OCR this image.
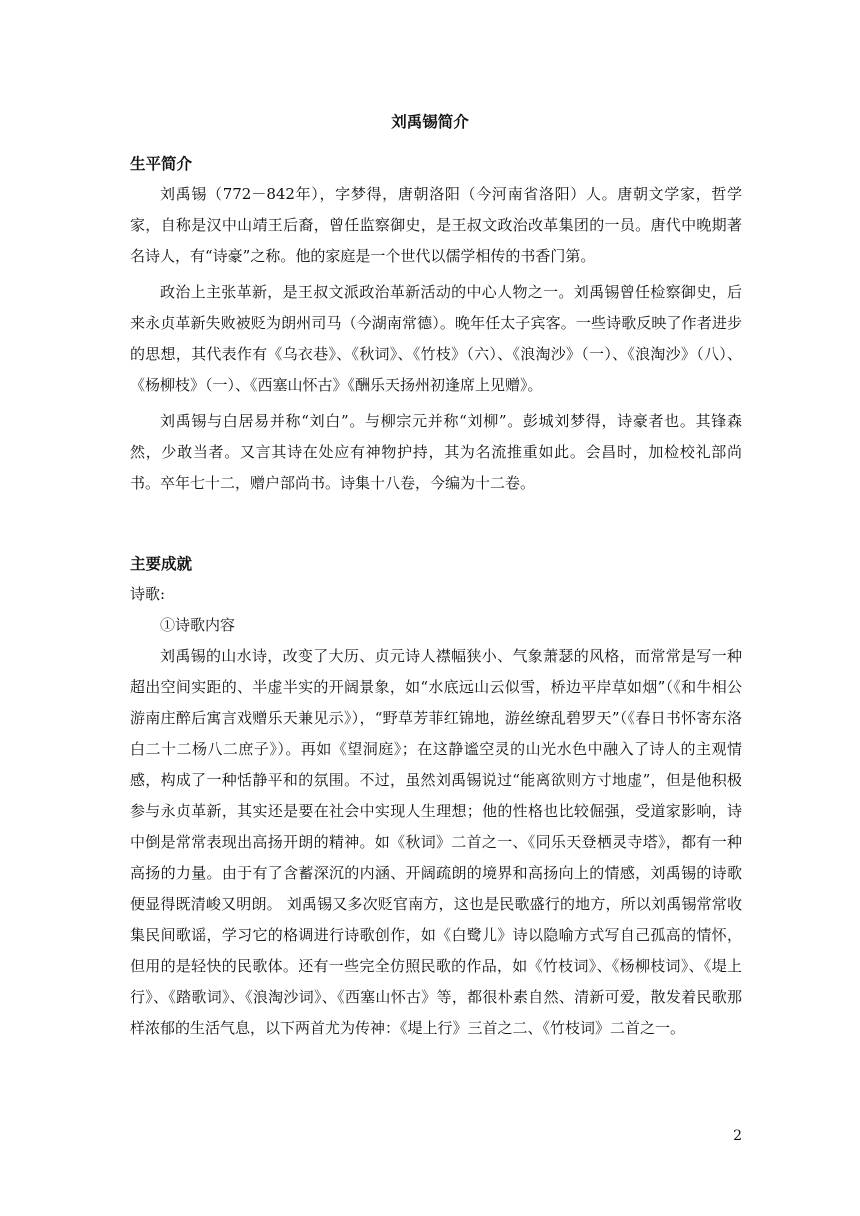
刘禹锡简介
生平简介

刘禹锡（772－842年），字梦得，唐朝洛阳（今河南省洛阳）人。唐朝文学家，哲学家，自称是汉中山靖王后裔，曾任监察御史，是王叔文政治改革集团的一员。唐代中晚期著名诗人，有“诗豪”之称。他的家庭是一个世代以儒学相传的书香门第。

政治上主张革新，是王叔文派政治革新活动的中心人物之一。刘禹锡曾任检察御史，后来永贞革新失败被贬为朗州司马（今湖南常德）。晚年任太子宾客。一些诗歌反映了作者进步的思想，其代表作有《乌衣巷》、《秋词》、《竹枝》（六）、《浪淘沙》（一）、《浪淘沙》（八）、《杨柳枝》（一）、《西塞山怀古》《酬乐天扬州初逢席上见赠》。

刘禹锡与白居易并称“刘白”。与柳宗元并称“刘柳”。彭城刘梦得，诗豪者也。其锋森然，少敢当者。又言其诗在处应有神物护持，其为名流推重如此。会昌时，加检校礼部尚书。卒年七十二，赠户部尚书。诗集十八卷，今编为十二卷。

主要成就

诗歌:

①诗歌内容

刘禹锡的山水诗，改变了大历、贞元诗人襟幅狭小、气象萧瑟的风格，而常常是写一种超出空间实距的、半虚半实的开阔景象，如“水底远山云似雪，桥边平岸草如烟”（《和牛相公游南庄醉后寓言戏赠乐天兼见示》），“野草芳菲红锦地，游丝缭乱碧罗天”（《春日书怀寄东洛白二十二杨八二庶子》）。再如《望洞庭》；在这静谧空灵的山光水色中融入了诗人的主观情感，构成了一种恬静平和的氛围。不过，虽然刘禹锡说过“能离欲则方寸地虚”，但是他积极参与永贞革新，其实还是要在社会中实现人生理想；他的性格也比较倔强，受道家影响，诗中倒是常常表现出高扬开朗的精神。如《秋词》二首之一、《同乐天登栖灵寺塔》，都有一种高扬的力量。由于有了含蓄深沉的内涵、开阔疏朗的境界和高扬向上的情感，刘禹锡的诗歌便显得既清峻又明朗。 刘禹锡又多次贬官南方，这也是民歌盛行的地方，所以刘禹锡常常收集民间歌谣，学习它的格调进行诗歌创作，如《白鹭儿》诗以隐喻方式写自己孤高的情怀，但用的是轻快的民歌体。还有一些完全仿照民歌的作品，如《竹枝词》、《杨柳枝词》、《堤上行》、《踏歌词》、《浪淘沙词》、《西塞山怀古》等，都很朴素自然、清新可爱，散发着民歌那样浓郁的生活气息，以下两首尤为传神：《堤上行》三首之二、《竹枝词》二首之一。

2
